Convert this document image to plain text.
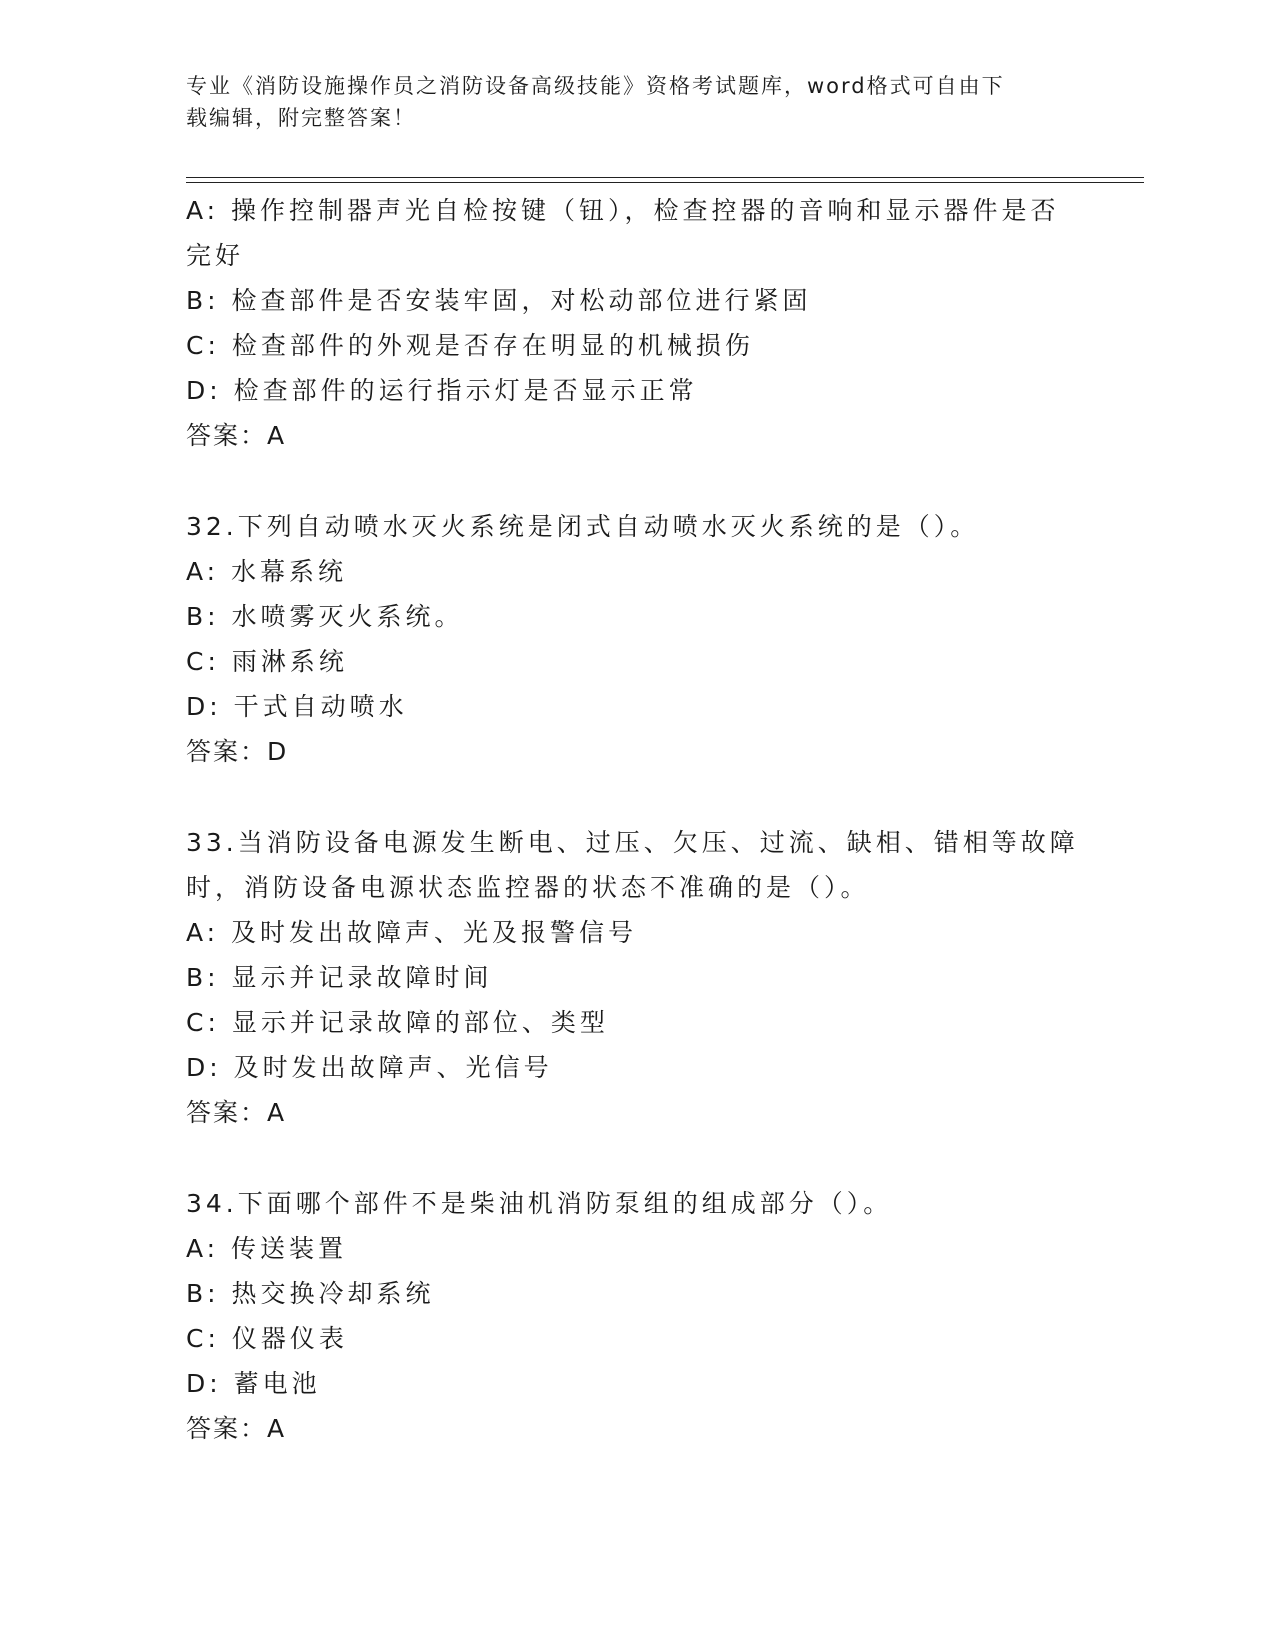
专业《消防设施操作员之消防设备高级技能》资格考试题库，word格式可自由下
载编辑，附完整答案！
A: 操作控制器声光自检按键（钮），检查控器的音响和显示器件是否
完好
B: 检查部件是否安装牢固，对松动部位进行紧固
C: 检查部件的外观是否存在明显的机械损伤
D: 检查部件的运行指示灯是否显示正常
答案：A
32.下列自动喷水灭火系统是闭式自动喷水灭火系统的是（）。
A: 水幕系统
B: 水喷雾灭火系统。
C: 雨淋系统
D: 干式自动喷水
答案：D
33.当消防设备电源发生断电、过压、欠压、过流、缺相、错相等故障
时，消防设备电源状态监控器的状态不准确的是（）。
A: 及时发出故障声、光及报警信号
B: 显示并记录故障时间
C: 显示并记录故障的部位、类型
D: 及时发出故障声、光信号
答案：A
34.下面哪个部件不是柴油机消防泵组的组成部分（）。
A: 传送装置
B: 热交换冷却系统
C: 仪器仪表
D: 蓄电池
答案：A
